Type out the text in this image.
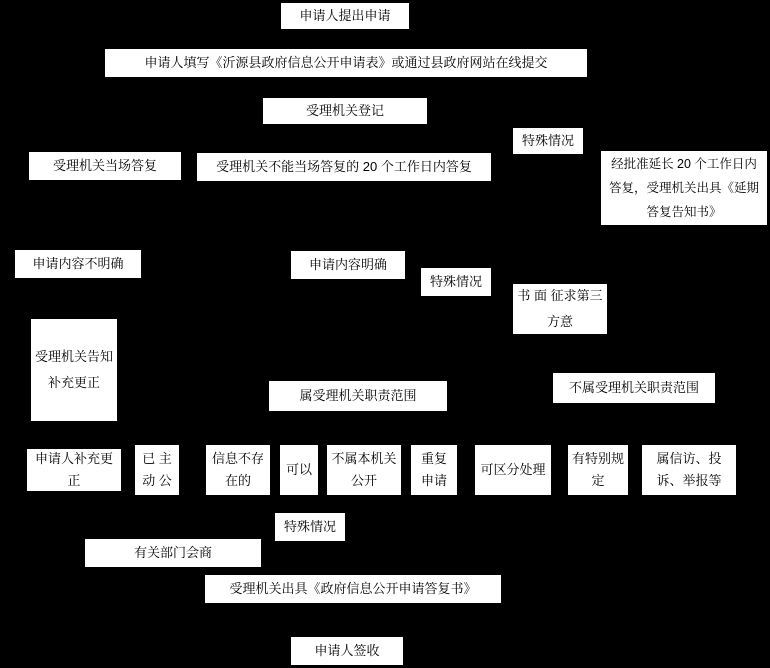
申请人提出申请
申请人填写《沂源县政府信息公开申请表》或通过县政府网站在线提交
受理机关登记
特殊情况
受理机关当场答复	受理机关不能当场答复的 20 个工作日内答复	经批准延长 20 个工作日内答复，受理机关出具《延期答复告知书》
申请内容不明确	申请内容明确
特殊情况
书 面 征求第三方意
受理机关告知补充更正
属受理机关职责范围
不属受理机关职责范围
申请人补充更正
已 主动 公
信息不存在的
可以
不属本机关公开
重复申请
可区分处理
有特别规定
属信访、投诉、举报等
特殊情况
有关部门会商
受理机关出具《政府信息公开申请答复书》
申请人签收
